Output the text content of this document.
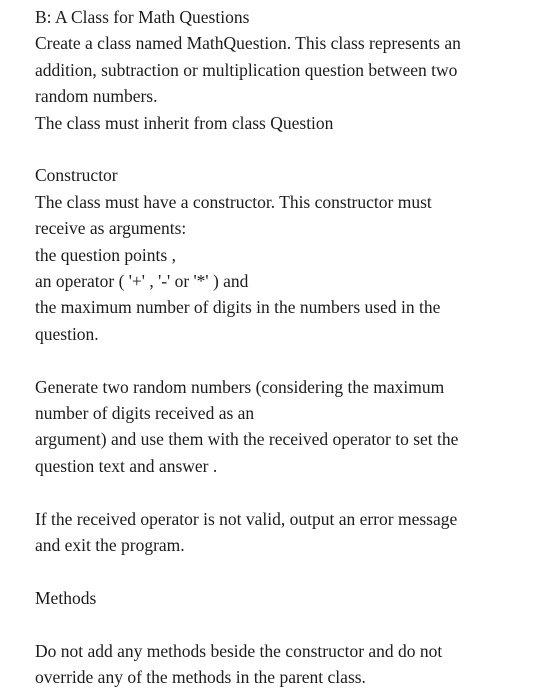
B: A Class for Math Questions
Create a class named MathQuestion. This class represents an
addition, subtraction or multiplication question between two
random numbers.
The class must inherit from class Question
Constructor
The class must have a constructor. This constructor must
receive as arguments:
the question points ,
an operator ( '+' , '-' or '*' ) and
the maximum number of digits in the numbers used in the
question.
Generate two random numbers (considering the maximum
number of digits received as an
argument) and use them with the received operator to set the
question text and answer .
If the received operator is not valid, output an error message
and exit the program.
Methods
Do not add any methods beside the constructor and do not
override any of the methods in the parent class.
